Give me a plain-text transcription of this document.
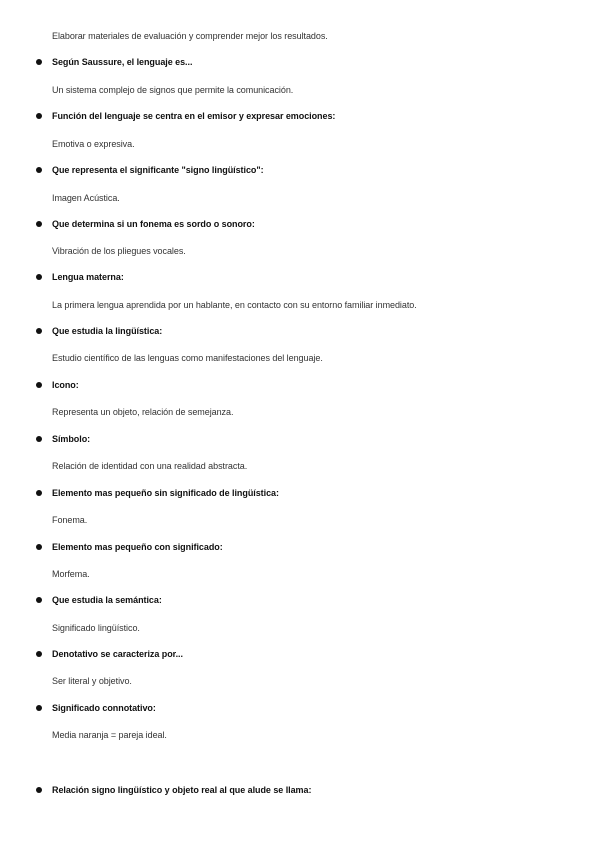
Elaborar materiales de evaluación y comprender mejor los resultados.
Según Saussure, el lenguaje es...
Un sistema complejo de signos que permite la comunicación.
Función del lenguaje se centra en el emisor y expresar emociones:
Emotiva o expresiva.
Que representa el significante "signo lingüístico":
Imagen Acústica.
Que determina si un fonema es sordo o sonoro:
Vibración de los pliegues vocales.
Lengua materna:
La primera lengua aprendida por un hablante, en contacto con su entorno familiar inmediato.
Que estudia la lingüística:
Estudio científico de las lenguas como manifestaciones del lenguaje.
Icono:
Representa un objeto, relación de semejanza.
Símbolo:
Relación de identidad con una realidad abstracta.
Elemento mas pequeño sin significado de lingüística:
Fonema.
Elemento mas pequeño con significado:
Morfema.
Que estudia la semántica:
Significado lingüístico.
Denotativo se caracteriza por...
Ser literal y objetivo.
Significado connotativo:
Media naranja = pareja ideal.
Relación signo lingüístico y objeto real al que alude se llama:
